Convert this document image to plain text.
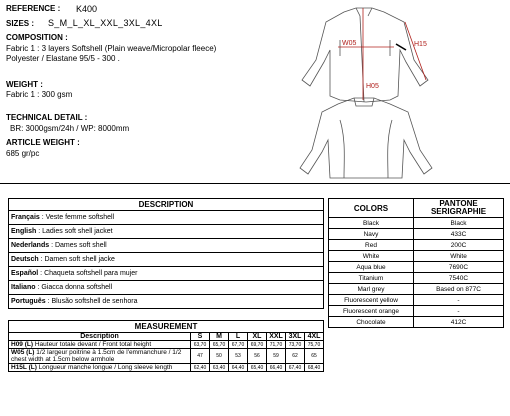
REFERENCE : K400
SIZES : S_M_L_XL_XXL_3XL_4XL
COMPOSITION :
Fabric 1 : 3 layers Softshell (Plain weave/Micropolar fleece)
Polyester / Elastane 95/5 - 300 .
WEIGHT :
Fabric 1 : 300 gsm
TECHNICAL DETAIL :
BR: 3000gsm/24h / WP: 8000mm
ARTICLE WEIGHT :
685 gr/pc
W05	H15
H05
DESCRIPTION
Français : Veste femme softshell
English : Ladies soft shell jacket
Nederlands : Dames soft shell
Deutsch : Damen soft shell jacke
Español : Chaqueta softshell para mujer
Italiano : Giacca donna softshell
Português : Blusão softshell de senhora
COLORS	PANTONE SERIGRAPHIE
Black	Black
Navy	433C
Red	200C
White	White
Aqua blue	7690C
Titanium	7540C
Marl grey	Based on 877C
Fluorescent yellow	-
Fluorescent orange	-
Chocolate	412C
MEASUREMENT							
Description	S	M	L	XL	XXL	3XL	4XL
H09 (L) Hauteur totale devant / Front total height	63,70	65,70	67,70	69,70	71,70	73,70	75,70
W05 (L) 1/2 largeur poitrine à 1.5cm de l'emmanchure / 1/2 chest width at 1.5cm below armhole	47	50	53	56	59	62	65
H15L (L) Longueur manche longue / Long sleeve length	62,40	63,40	64,40	65,40	66,40	67,40	68,40
